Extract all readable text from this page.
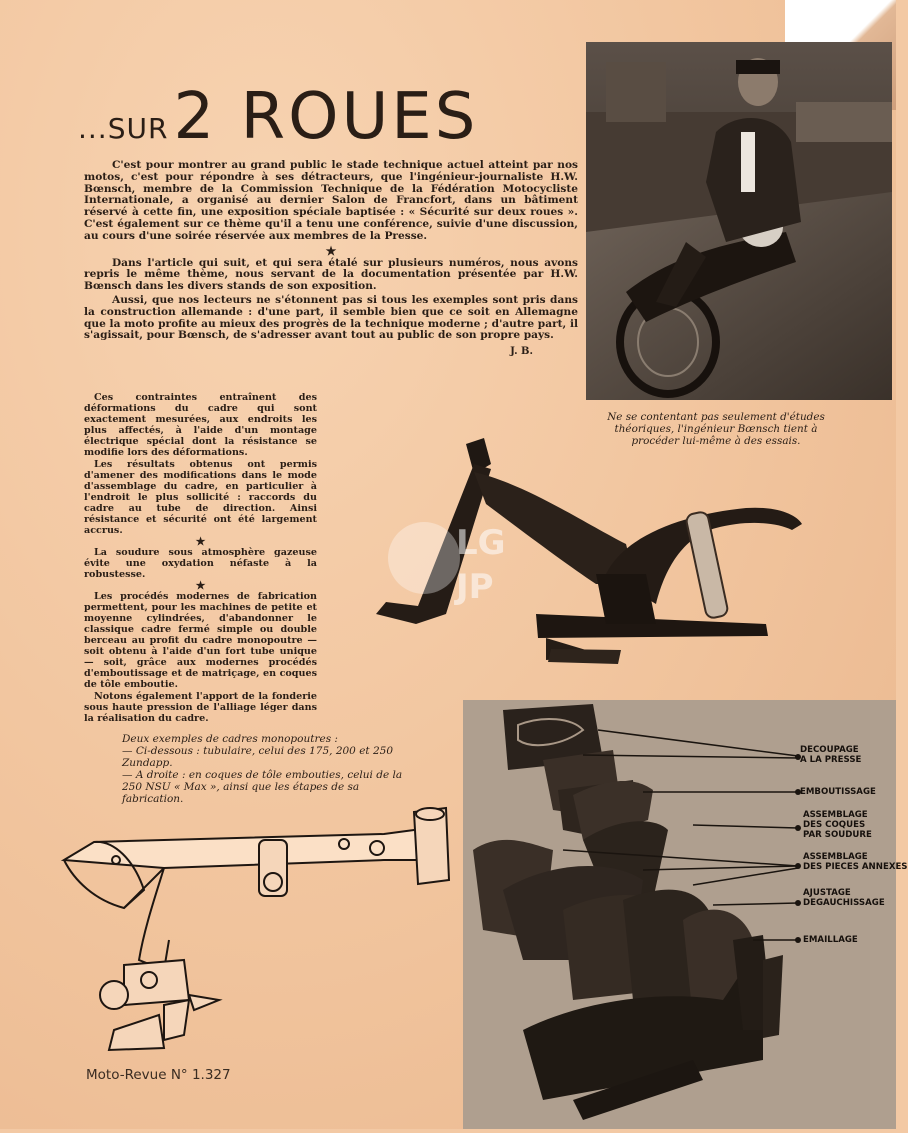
...SUR 2 ROUES

C'est pour montrer au grand public le stade technique actuel atteint par nos motos, c'est pour répondre à ses détracteurs, que l'ingénieur-journaliste H.W. Bœnsch, membre de la Commission Technique de la Fédération Motocycliste Internationale, a organisé au dernier Salon de Francfort, dans un bâtiment réservé à cette fin, une exposition spéciale baptisée : « Sécurité sur deux roues ». C'est également sur ce thème qu'il a tenu une conférence, suivie d'une discussion, au cours d'une soirée réservée aux membres de la Presse.

★

Dans l'article qui suit, et qui sera étalé sur plusieurs numéros, nous avons repris le même thème, nous servant de la documentation présentée par H.W. Bœnsch dans les divers stands de son exposition.

Aussi, que nos lecteurs ne s'étonnent pas si tous les exemples sont pris dans la construction allemande : d'une part, il semble bien que ce soit en Allemagne que la moto profite au mieux des progrès de la technique moderne ; d'autre part, il s'agissait, pour Bœnsch, de s'adresser avant tout au public de son propre pays.

J. B.
Ne se contentant pas seulement d'études théoriques, l'ingénieur Bœnsch tient à procéder lui-même à des essais.

Ces contraintes entraînent des déformations du cadre qui sont exactement mesurées, aux endroits les plus affectés, à l'aide d'un montage électrique spécial dont la résistance se modifie lors des déformations.

Les résultats obtenus ont permis d'amener des modifications dans le mode d'assemblage du cadre, en particulier à l'endroit le plus sollicité : raccords du cadre au tube de direction. Ainsi résistance et sécurité ont été largement accrus.

★

La soudure sous atmosphère gazeuse évite une oxydation néfaste à la robustesse.

★

Les procédés modernes de fabrication permettent, pour les machines de petite et moyenne cylindrées, d'abandonner le classique cadre fermé simple ou double berceau au profit du cadre monopoutre — soit obtenu à l'aide d'un fort tube unique — soit, grâce aux modernes procédés d'emboutissage et de matriçage, en coques de tôle emboutie.

Notons également l'apport de la fonderie sous haute pression de l'alliage léger dans la réalisation du cadre.

Deux exemples de cadres monopoutres :

— Ci-dessous : tubulaire, celui des 175, 200 et 250 Zundapp.

— A droite : en coques de tôle embouties, celui de la 250 NSU « Max », ainsi que les étapes de sa fabrication.

DECOUPAGE
A LA PRESSE
EMBOUTISSAGE
ASSEMBLAGE
DES COQUES
PAR SOUDURE
ASSEMBLAGE
DES PIECES ANNEXES
AJUSTAGE
DEGAUCHISSAGE
EMAILLAGE
LG
JP
Moto-Revue N° 1.327
